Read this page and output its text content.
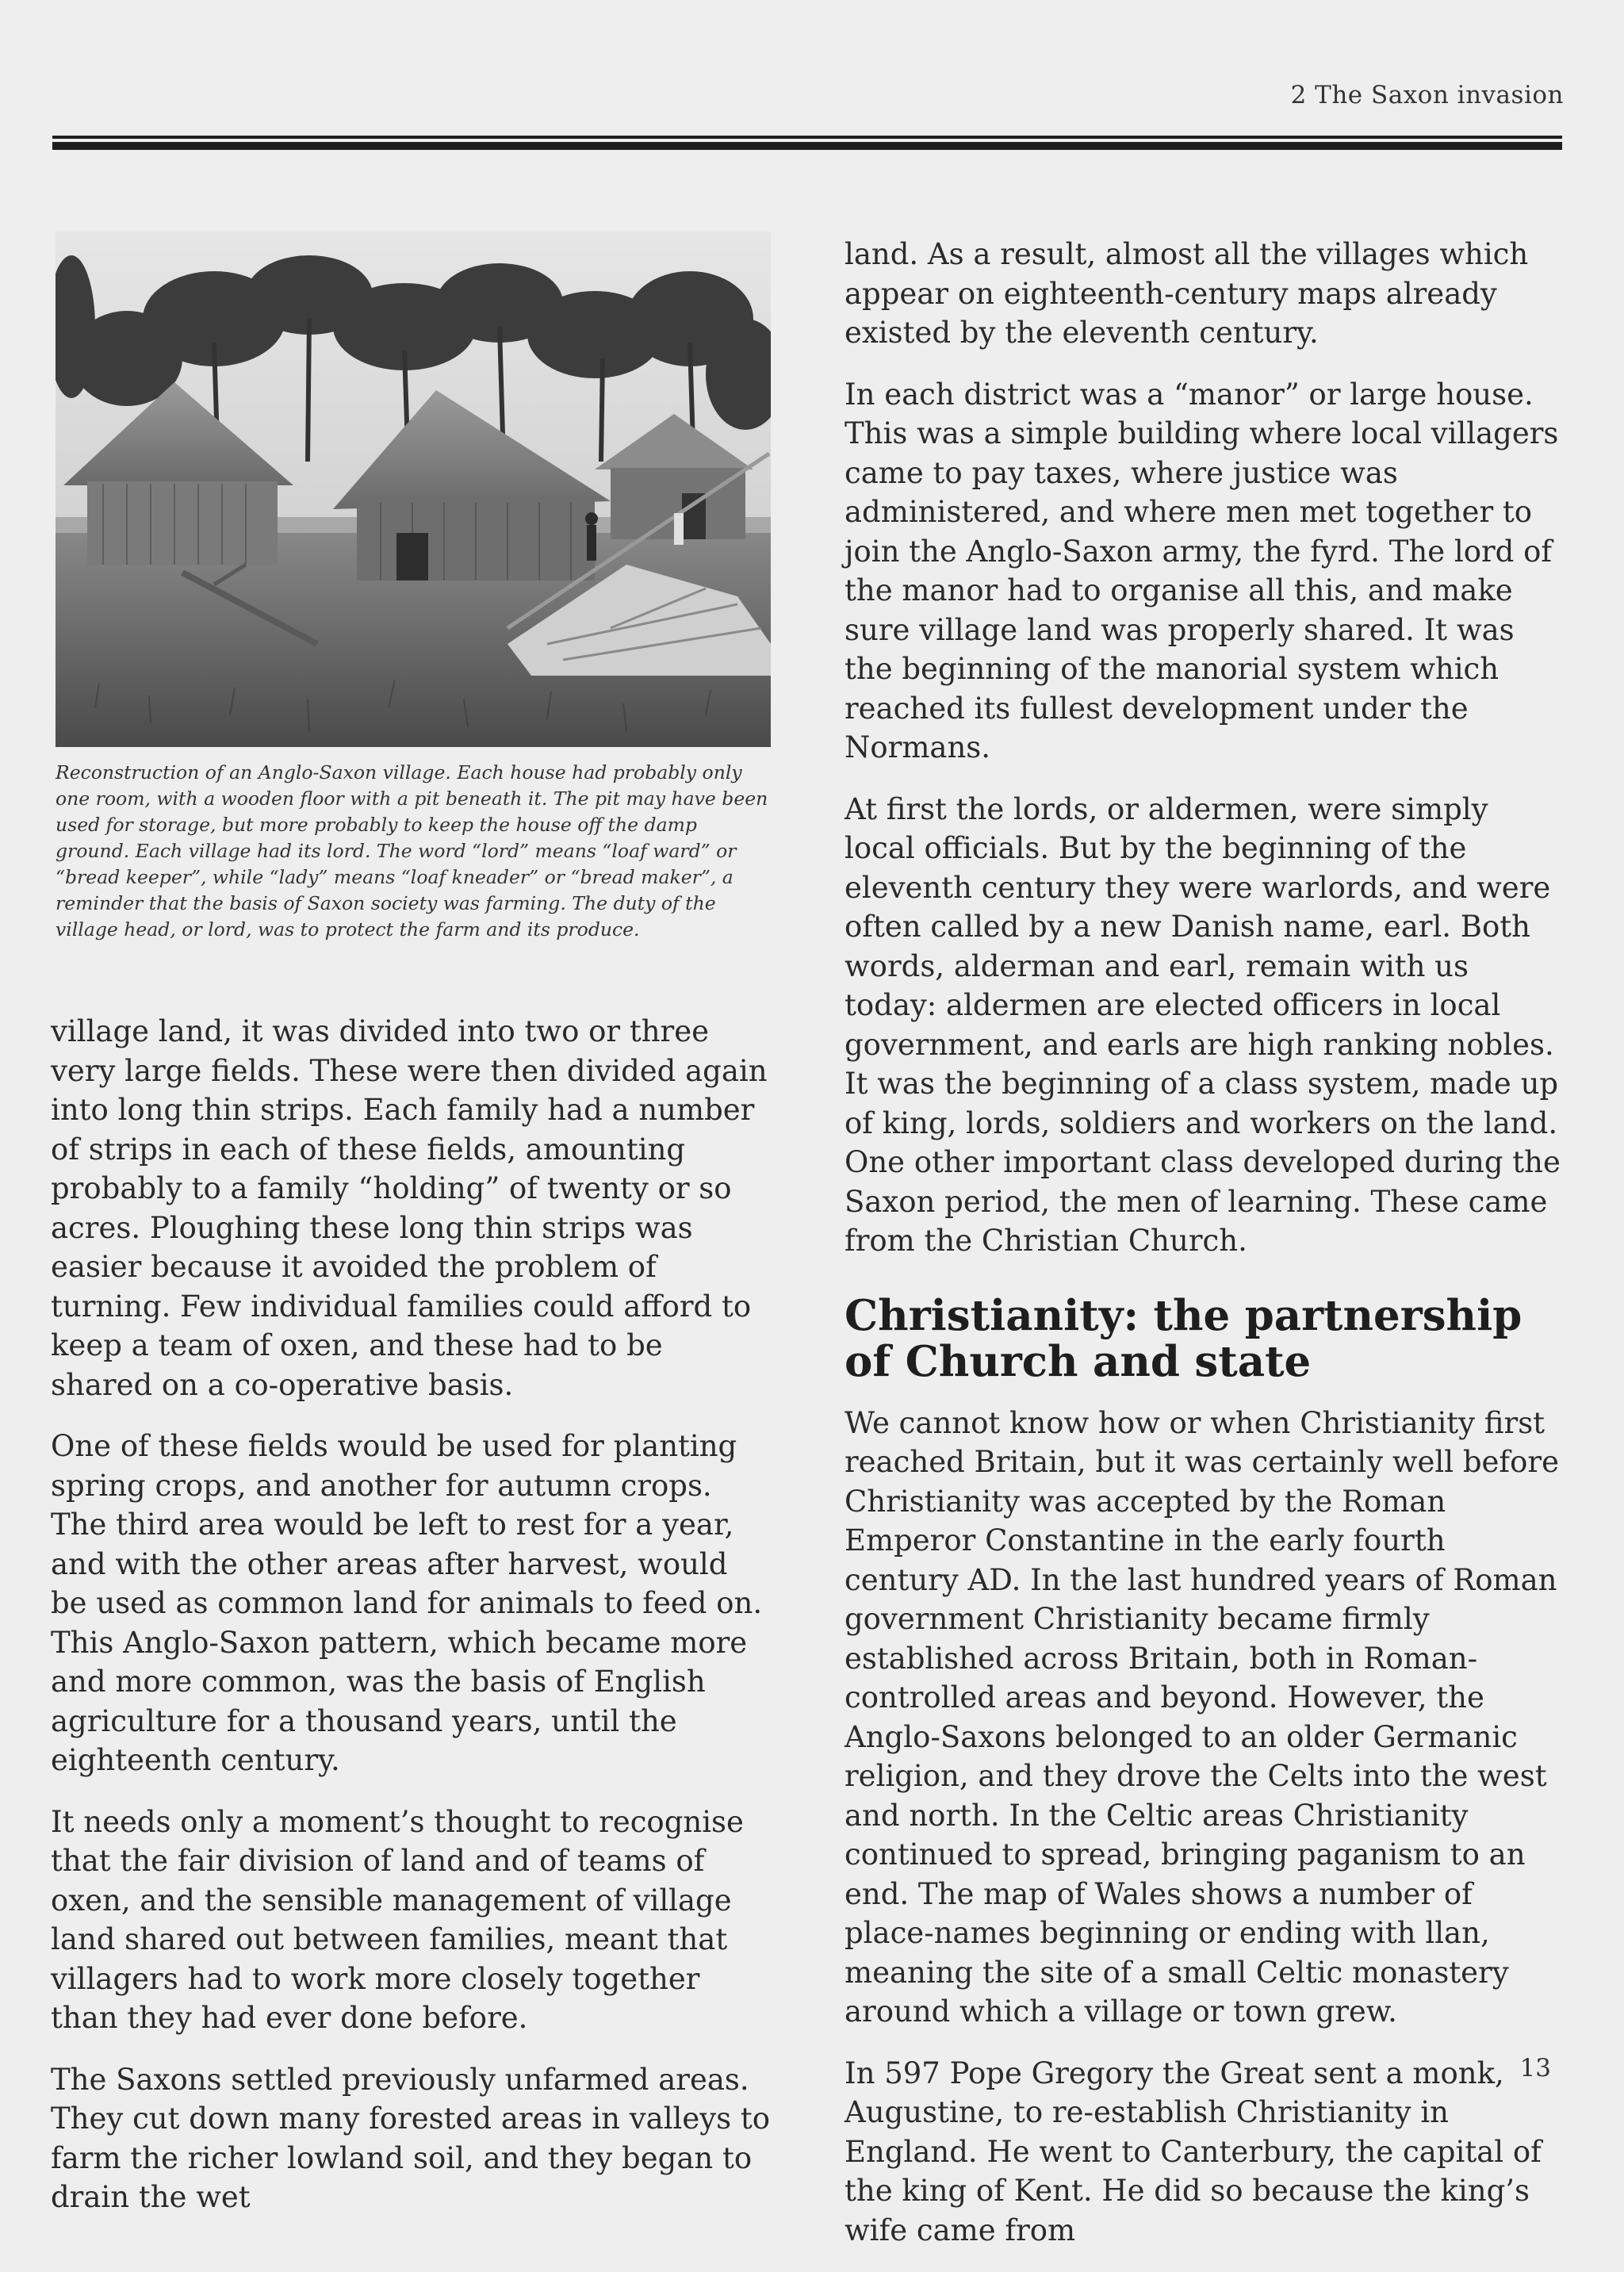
2 The Saxon invasion

Reconstruction of an Anglo-Saxon village. Each house had probably only one room, with a wooden floor with a pit beneath it. The pit may have been used for storage, but more probably to keep the house off the damp ground. Each village had its lord. The word “lord” means “loaf ward” or “bread keeper”, while “lady” means “loaf kneader” or “bread maker”, a reminder that the basis of Saxon society was farming. The duty of the village head, or lord, was to protect the farm and its produce.

village land, it was divided into two or three very large fields. These were then divided again into long thin strips. Each family had a number of strips in each of these fields, amounting probably to a family “holding” of twenty or so acres. Ploughing these long thin strips was easier because it avoided the problem of turning. Few individual families could afford to keep a team of oxen, and these had to be shared on a co-operative basis.

One of these fields would be used for planting spring crops, and another for autumn crops. The third area would be left to rest for a year, and with the other areas after harvest, would be used as common land for animals to feed on. This Anglo-Saxon pattern, which became more and more common, was the basis of English agriculture for a thousand years, until the eighteenth century.

It needs only a moment’s thought to recognise that the fair division of land and of teams of oxen, and the sensible management of village land shared out between families, meant that villagers had to work more closely together than they had ever done before.

The Saxons settled previously unfarmed areas. They cut down many forested areas in valleys to farm the richer lowland soil, and they began to drain the wet

land. As a result, almost all the villages which appear on eighteenth-century maps already existed by the eleventh century.

In each district was a “manor” or large house. This was a simple building where local villagers came to pay taxes, where justice was administered, and where men met together to join the Anglo-Saxon army, the fyrd. The lord of the manor had to organise all this, and make sure village land was properly shared. It was the beginning of the manorial system which reached its fullest development under the Normans.

At first the lords, or aldermen, were simply local officials. But by the beginning of the eleventh century they were warlords, and were often called by a new Danish name, earl. Both words, alderman and earl, remain with us today: aldermen are elected officers in local government, and earls are high ranking nobles. It was the beginning of a class system, made up of king, lords, soldiers and workers on the land. One other important class developed during the Saxon period, the men of learning. These came from the Christian Church.

Christianity: the partnership of Church and state

We cannot know how or when Christianity first reached Britain, but it was certainly well before Christianity was accepted by the Roman Emperor Constantine in the early fourth century AD. In the last hundred years of Roman government Christianity became firmly established across Britain, both in Roman-controlled areas and beyond. However, the Anglo-Saxons belonged to an older Germanic religion, and they drove the Celts into the west and north. In the Celtic areas Christianity continued to spread, bringing paganism to an end. The map of Wales shows a number of place-names beginning or ending with llan, meaning the site of a small Celtic monastery around which a village or town grew.

In 597 Pope Gregory the Great sent a monk, Augustine, to re-establish Christianity in England. He went to Canterbury, the capital of the king of Kent. He did so because the king’s wife came from

13
